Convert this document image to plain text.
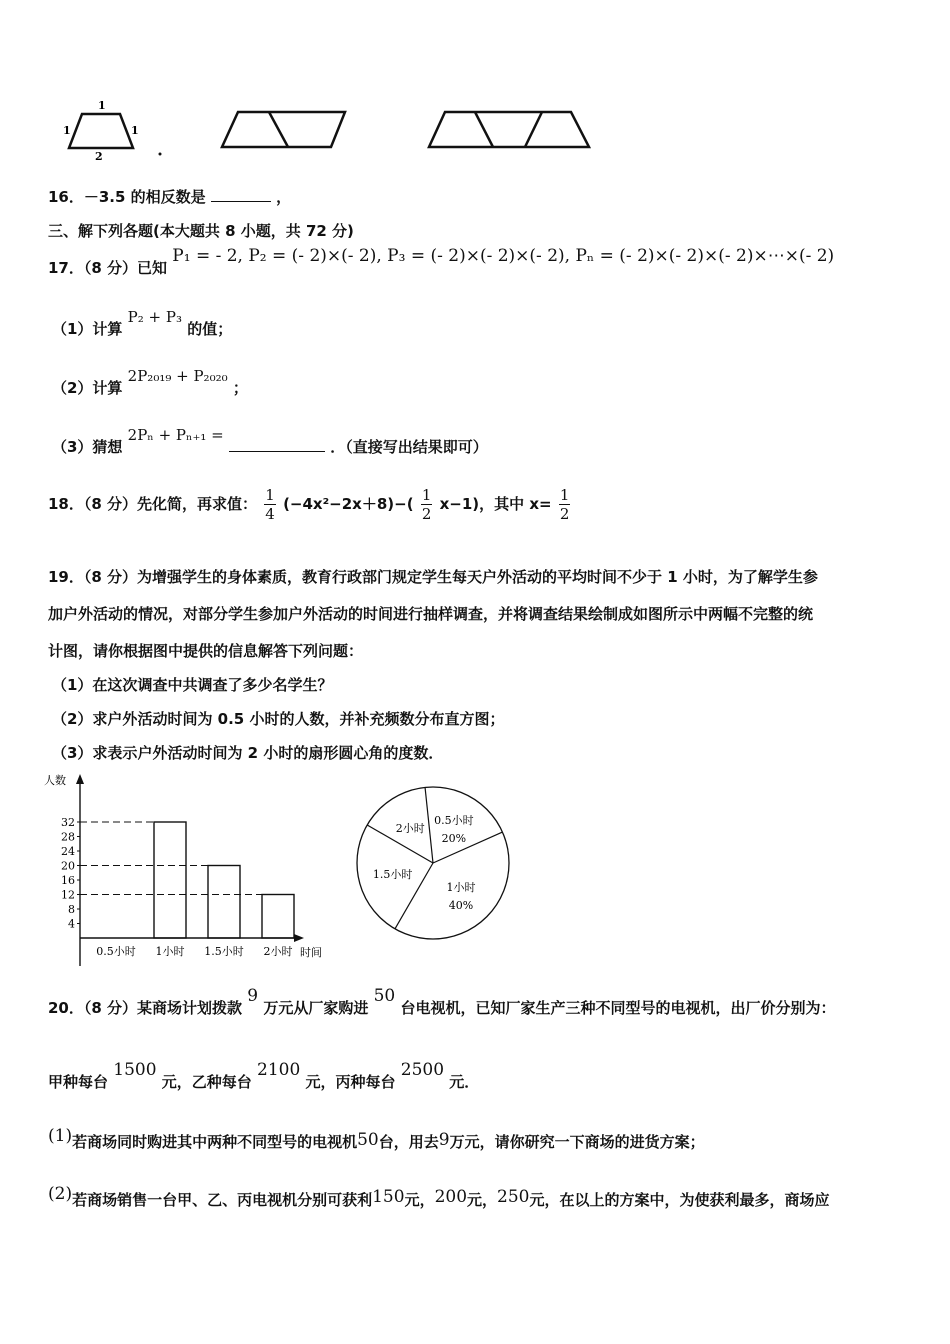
1
1	1
2
16．－3.5 的相反数是	，
三、解下列各题(本大题共 8 小题，共 72 分)
17．（8 分）已知 P₁ = - 2, P₂ = (- 2)×(- 2), P₃ = (- 2)×(- 2)×(- 2), Pₙ = (- 2)×(- 2)×(- 2)×⋯×(- 2)
（1）计算 P₂ + P₃ 的值；
（2）计算 2P₂₀₁₉ + P₂₀₂₀ ；
（3）猜想 2Pₙ + Pₙ₊₁ =  ．（直接写出结果即可）
18．（8 分）先化简，再求值： $\frac{1}{4} (-4x^2-2x+8)-( \frac{1}{2} x-1)$，其中 $x= \frac{1}{2}$
19．（8 分）为增强学生的身体素质，教育行政部门规定学生每天户外活动的平均时间不少于 1 小时，为了解学生参
加户外活动的情况，对部分学生参加户外活动的时间进行抽样调查，并将调查结果绘制成如图所示中两幅不完整的统
计图，请你根据图中提供的信息解答下列问题：
（1）在这次调查中共调查了多少名学生？
（2）求户外活动时间为 0.5 小时的人数，并补充频数分布直方图；
（3）求表示户外活动时间为 2 小时的扇形圆心角的度数．
人数
时间
4
8
12
16
20
24
28
32
0.5小时 1小时 1.5小时 2小时
0.5小时
20%
1小时
40%
1.5小时
2小时
20．（8 分）某商场计划拨款 9 万元从厂家购进 50 台电视机，已知厂家生产三种不同型号的电视机，出厂价分别为：
甲种每台 1500 元，乙种每台 2100 元，丙种每台 2500 元．
(1)若商场同时购进其中两种不同型号的电视机50台，用去9万元，请你研究一下商场的进货方案；
(2)若商场销售一台甲、乙、丙电视机分别可获利150元，200元，250元，在以上的方案中，为使获利最多，商场应
